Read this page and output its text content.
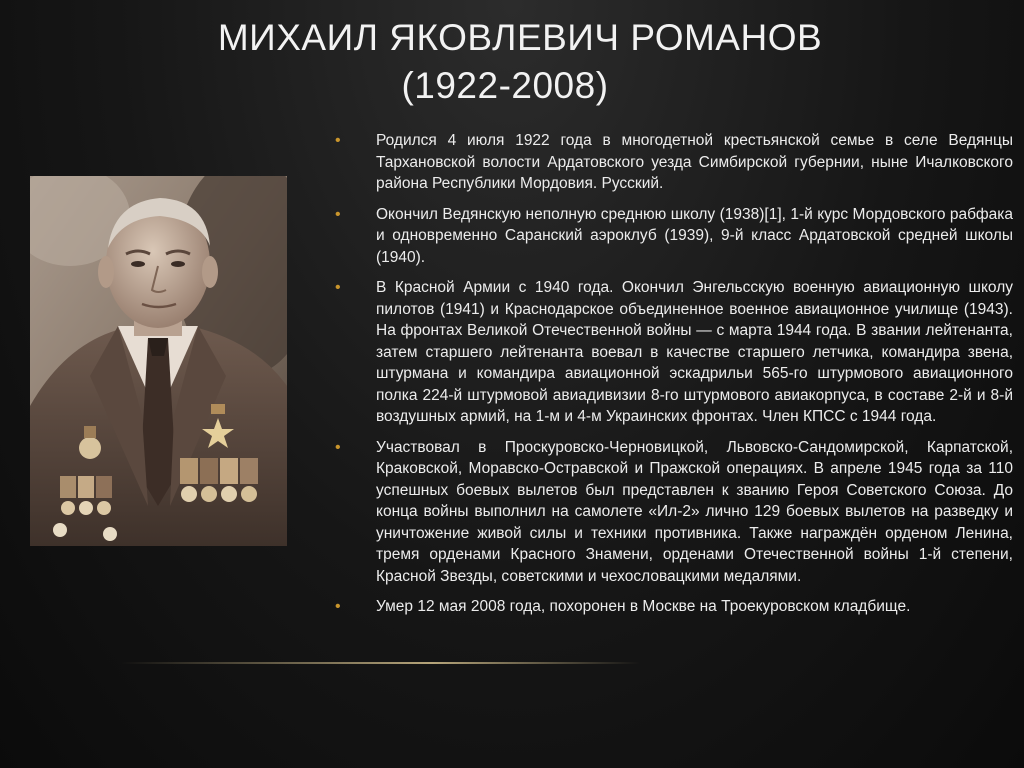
МИХАИЛ ЯКОВЛЕВИЧ РОМАНОВ
(1922-2008)
• Родился 4 июля 1922 года в многодетной крестьянской семье в селе Ведянцы Тархановской волости Ардатовского уезда Симбирской губернии, ныне Ичалковского района Республики Мордовия. Русский.
• Окончил Ведянскую неполную среднюю школу (1938)[1], 1-й курс Мордовского рабфака и одновременно Саранский аэроклуб (1939), 9-й класс Ардатовской средней школы (1940).
• В Красной Армии с 1940 года. Окончил Энгельсскую военную авиационную школу пилотов (1941) и Краснодарское объединенное военное авиационное училище (1943). На фронтах Великой Отечественной войны — с марта 1944 года. В звании лейтенанта, затем старшего лейтенанта воевал в качестве старшего летчика, командира звена, штурмана и командира авиационной эскадрильи 565-го штурмового авиационного полка 224-й штурмовой авиадивизии 8-го штурмового авиакорпуса, в составе 2-й и 8-й воздушных армий, на 1-м и 4-м Украинских фронтах. Член КПСС с 1944 года.
• Участвовал в Проскуровско-Черновицкой, Львовско-Сандомирской, Карпатской, Краковской, Моравско-Остравской и Пражской операциях. В апреле 1945 года за 110 успешных боевых вылетов был представлен к званию Героя Советского Союза. До конца войны выполнил на самолете «Ил-2» лично 129 боевых вылетов на разведку и уничтожение живой силы и техники противника. Также награждён орденом Ленина, тремя орденами Красного Знамени, орденами Отечественной войны 1-й степени, Красной Звезды, советскими и чехословацкими медалями.
• Умер 12 мая 2008 года, похоронен в Москве на Троекуровском кладбище.
